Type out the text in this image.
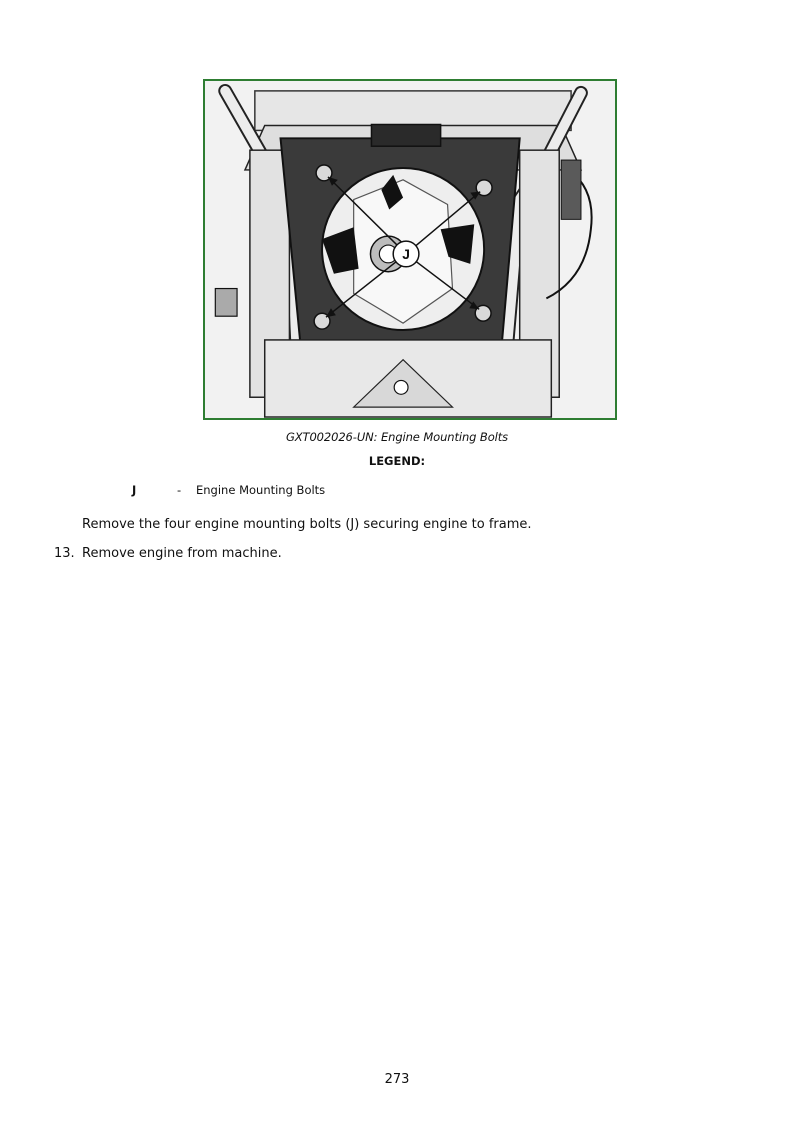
J
GXT002026-UN: Engine Mounting Bolts
LEGEND:
J	- Engine Mounting Bolts
Remove the four engine mounting bolts (J) securing engine to frame.
13. Remove engine from machine.
273
